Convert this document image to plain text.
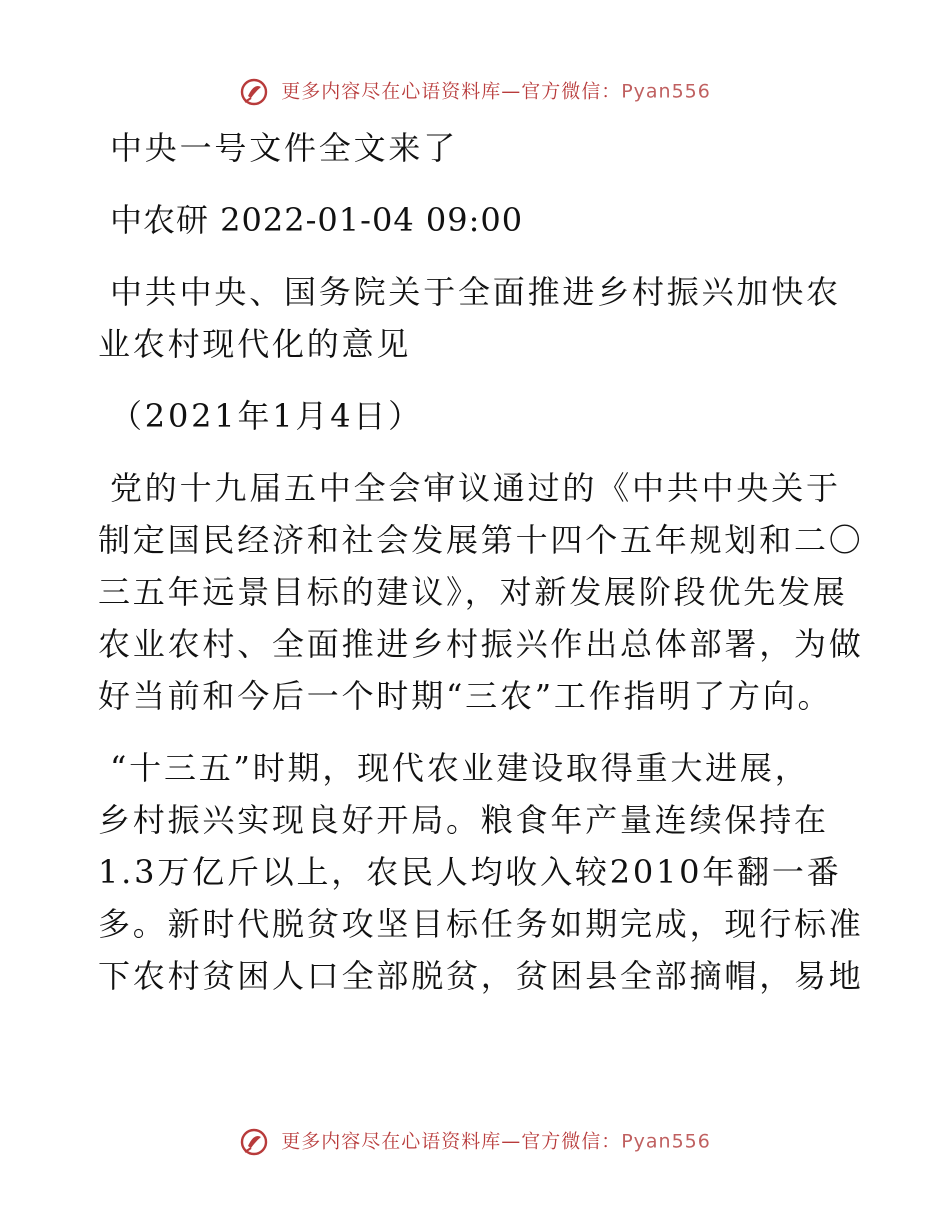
更多内容尽在心语资料库—官方微信：Pyan556
中央一号文件全文来了
中农研 2022-01-04 09:00
中共中央、国务院关于全面推进乡村振兴加快农
业农村现代化的意见
（2021年1月4日）
党的十九届五中全会审议通过的《中共中央关于
制定国民经济和社会发展第十四个五年规划和二〇
三五年远景目标的建议》，对新发展阶段优先发展
农业农村、全面推进乡村振兴作出总体部署，为做
好当前和今后一个时期“三农”工作指明了方向。
“十三五”时期，现代农业建设取得重大进展，
乡村振兴实现良好开局。粮食年产量连续保持在
1.3万亿斤以上，农民人均收入较2010年翻一番
多。新时代脱贫攻坚目标任务如期完成，现行标准
下农村贫困人口全部脱贫，贫困县全部摘帽，易地
更多内容尽在心语资料库—官方微信：Pyan556
